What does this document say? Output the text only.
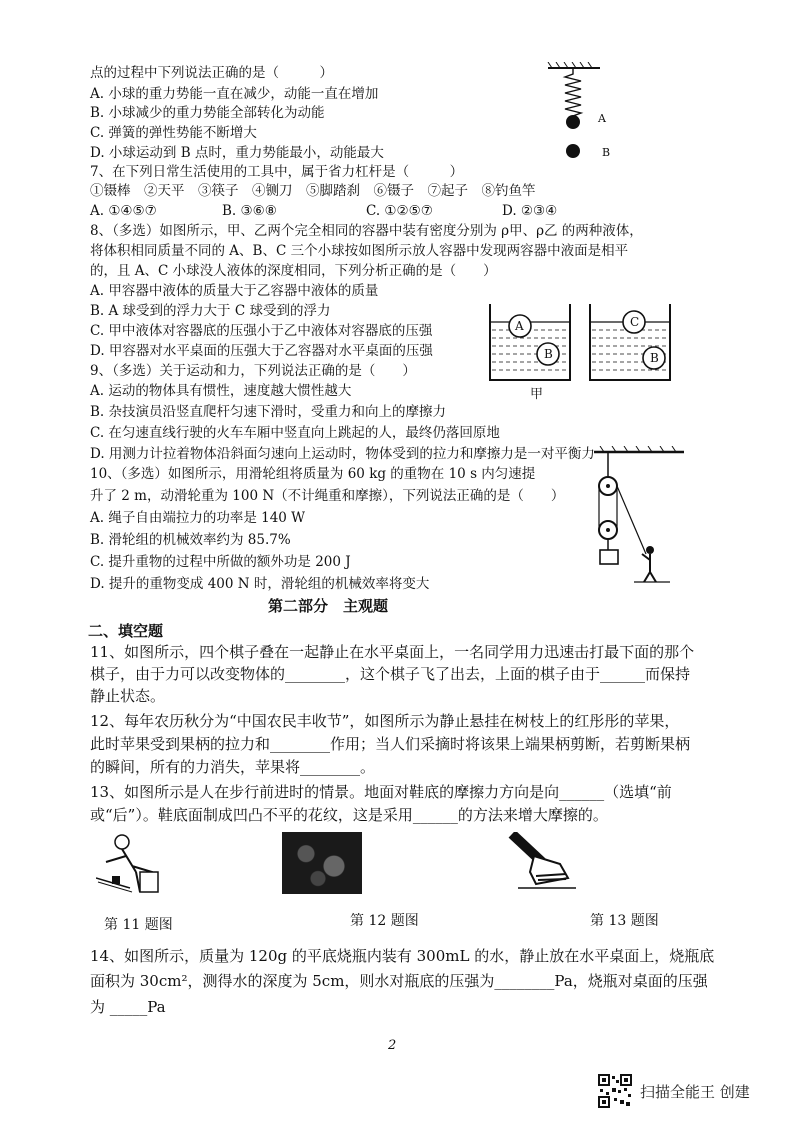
点的过程中下列说法正确的是（　　　）
A. 小球的重力势能一直在减少，动能一直在增加
B. 小球减少的重力势能全部转化为动能
C. 弹簧的弹性势能不断增大
D. 小球运动到 B 点时，重力势能最小，动能最大
A
B
7、在下列日常生活使用的工具中，属于省力杠杆是（　　　）
①镊棒　②天平　③筷子　④铡刀　⑤脚踏刹　⑥镊子　⑦起子　⑧钓鱼竿
A. ①④⑤⑦	B. ③⑥⑧	C. ①②⑤⑦	D. ②③④
8、（多选）如图所示，甲、乙两个完全相同的容器中装有密度分别为 ρ甲、ρ乙 的两种液体，
将体积相同质量不同的 A、B、C 三个小球按如图所示放人容器中发现两容器中液面是相平
的，且 A、C 小球没人液体的深度相同，下列分析正确的是（　　）
A. 甲容器中液体的质量大于乙容器中液体的质量
B. A 球受到的浮力大于 C 球受到的浮力
C. 甲中液体对容器底的压强小于乙中液体对容器底的压强
D. 甲容器对水平桌面的压强大于乙容器对水平桌面的压强
A
B
C
B
甲
9、（多选）关于运动和力，下列说法正确的是（　　）
A. 运动的物体具有惯性，速度越大惯性越大
B. 杂技演员沿竖直爬杆匀速下滑时，受重力和向上的摩擦力
C. 在匀速直线行驶的火车车厢中竖直向上跳起的人，最终仍落回原地
D. 用测力计拉着物体沿斜面匀速向上运动时，物体受到的拉力和摩擦力是一对平衡力
10、（多选）如图所示，用滑轮组将质量为 60 kg 的重物在 10 s 内匀速提
升了 2 m，动滑轮重为 100 N（不计绳重和摩擦），下列说法正确的是（　　）
A. 绳子自由端拉力的功率是 140 W
B. 滑轮组的机械效率约为 85.7%
C. 提升重物的过程中所做的额外功是 200 J
D. 提升的重物变成 400 N 时，滑轮组的机械效率将变大
第二部分　主观题
二、填空题
11、如图所示，四个棋子叠在一起静止在水平桌面上，一名同学用力迅速击打最下面的那个
棋子，由于力可以改变物体的________，这个棋子飞了出去，上面的棋子由于______而保持
静止状态。
12、每年农历秋分为“中国农民丰收节”，如图所示为静止悬挂在树枝上的红彤彤的苹果，
此时苹果受到果柄的拉力和________作用；当人们采摘时将该果上端果柄剪断，若剪断果柄
的瞬间，所有的力消失，苹果将________。
13、如图所示是人在步行前进时的情景。地面对鞋底的摩擦力方向是向______（选填“前
或“后”）。鞋底面制成凹凸不平的花纹，这是采用______的方法来增大摩擦的。
第 11 题图	第 12 题图	第 13 题图
14、如图所示，质量为 120g 的平底烧瓶内装有 300mL 的水，静止放在水平桌面上，烧瓶底
面积为 30cm²，测得水的深度为 5cm，则水对瓶底的压强为________Pa，烧瓶对桌面的压强
为 _____Pa
2
扫描全能王 创建
